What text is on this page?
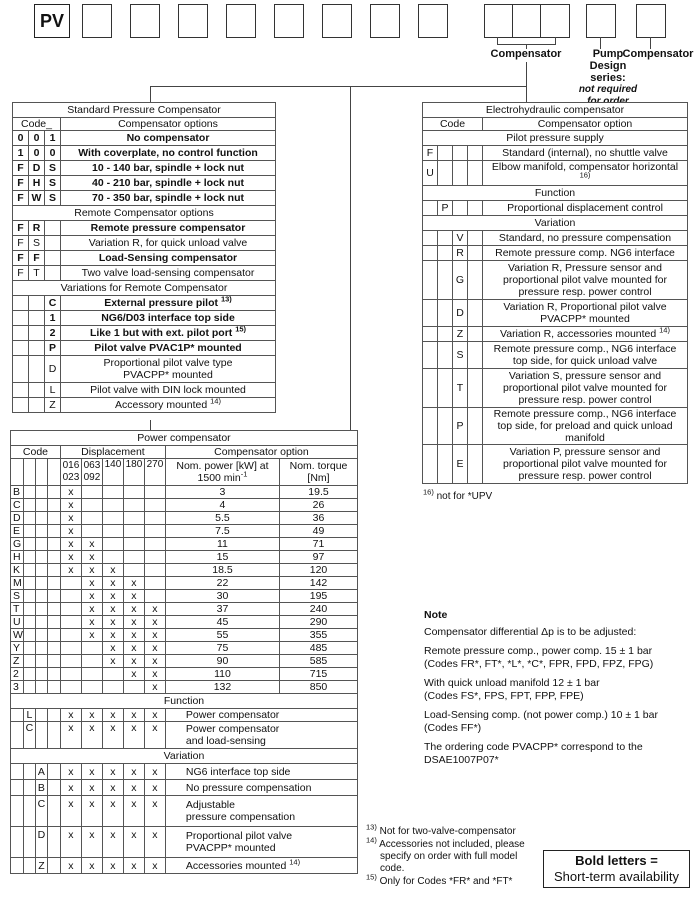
PV
Compensator	Pump Design series:
not required
Compensator
Standard Pressure Compensator			
Code_			Compensator options
0	0	1	No compensator
1	0	0	With coverplate, no control function
F	D	S	10 - 140 bar, spindle + lock nut
F	H	S	40 - 210 bar, spindle + lock nut
F	W	S	70 - 350 bar, spindle + lock nut
Remote Compensator options			
F	R		Remote pressure compensator
F	S		Variation R, for quick unload valve
F	F		Load-Sensing compensator
F	T		Two valve load-sensing compensator
Variations for Remote Compensator			
		C	External pressure pilot $^{13)}$
		1	NG6/D03 interface top side
		2	Like 1 but with ext. pilot port $^{15)}$
		P	Pilot valve PVAC1P* mounted
		D	Proportional pilot valve type
PVACPP* mounted

		L	Pilot valve with DIN lock mounted
		Z	Accessory mounted $^{14)}$
Electrohydraulic compensator				
Code				Compensator option
Pilot pressure supply				
F				Standard (internal), no shuttle valve
U				Elbow manifold, compensator horizontal $^{16)}$
Function				
	P			Proportional displacement control
Variation				
		V		Standard, no pressure compensation
		R		Remote pressure comp. NG6 interface
		G		Variation R, Pressure sensor and proportional pilot valve mounted for pressure resp. power control
		D		Variation R, Proportional pilot valve PVACPP* mounted
		Z		Variation R, accessories mounted $^{14)}$
		S		Remote pressure comp., NG6 interface top side, for quick unload valve
		T		Variation S, pressure sensor and proportional pilot valve mounted for pressure resp. power control
		P		Remote pressure comp., NG6 interface top side, for preload and quick unload manifold
		E		Variation P, pressure sensor and proportional pilot valve mounted for pressure resp. power control
$^{16)}$ not for *UPV
Power compensator										
Code				Displacement					Compensator option	
				016 023	063 092	140	180	270	Nom. power [kW] at 1500 $\min^{-1}$	Nom. torque [Nm]
B				x					3	19.5
C				x					4	26
D				x					5.5	36
E				x					7.5	49
G				x	x				11	71
H				x	x				15	97
K				x	x	x			18.5	120
M					x	x	x		22	142
S					x	x	x		30	195
T					x	x	x	x	37	240
U					x	x	x	x	45	290
W					x	x	x	x	55	355
Y						x	x	x	75	485
Z						x	x	x	90	585
2							x	x	110	715
3								x	132	850
Function										
	L			x	x	x	x	x	Power compensator	
	C			x	x	x	x	x	Power compensator
and load-sensing	

Variation										
		A		x	x	x	x	x	NG6 interface top side	

		B		x	x	x	x	x	No pressure compensation	

		C		x	x	x	x	x	Adjustable
pressure compensation	

		D		x	x	x	x	x	Proportional pilot valve
PVACPP* mounted	

		Z		x	x	x	x	x	Accessories mounted $^{14)}$
Note
Compensator differential Δp is to be adjusted:
Remote pressure comp., power comp. 15 ± 1 bar
(Codes FR*, FT*, *L*, *C*, FPR, FPD, FPZ, FPG)
With quick unload manifold 12 ± 1 bar
(Codes FS*, FPS, FPT, FPP, FPE)
Load-Sensing comp. (not power comp.) 10 ± 1 bar
(Codes FF*)
The ordering code PVACPP* correspond to the
DSAE1007P07*
$^{13)}$ Not for two-valve-compensator
$^{14)}$ Accessories not included, please
specify on order with full model
code.
$^{15)}$ Only for Codes *FR* and *FT*
Bold letters =
Short-term availability
